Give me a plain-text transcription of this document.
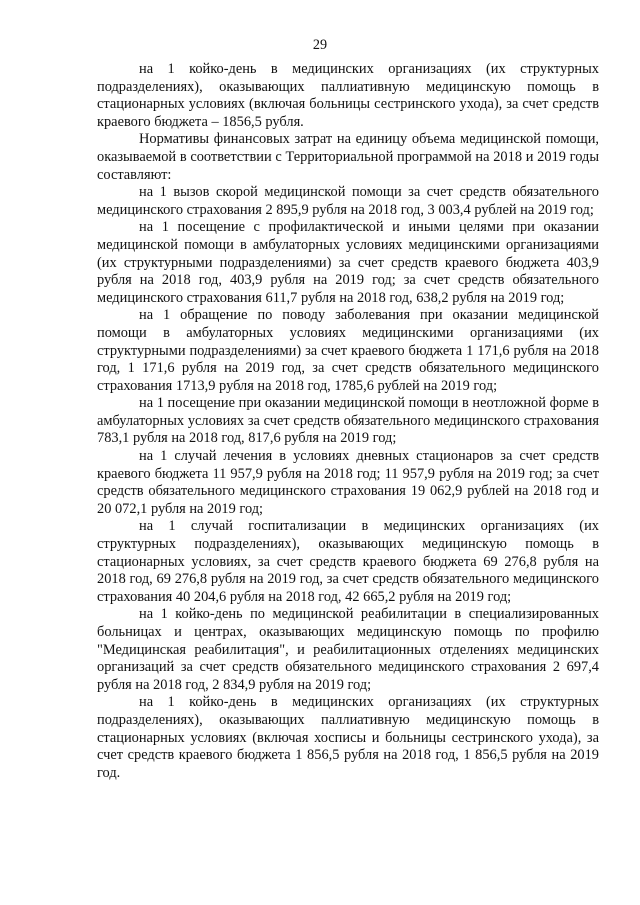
29

на 1 койко-день в медицинских организациях (их структурных подразделениях), оказывающих паллиативную медицинскую помощь в стационарных условиях (включая больницы сестринского ухода), за счет средств краевого бюджета – 1856,5 рубля.

Нормативы финансовых затрат на единицу объема медицинской помощи, оказываемой в соответствии с Территориальной программой на 2018 и 2019 годы составляют:

на 1 вызов скорой медицинской помощи за счет средств обязательного медицинского страхования 2 895,9 рубля на 2018 год, 3 003,4 рублей на 2019 год;

на 1 посещение с профилактической и иными целями при оказании медицинской помощи в амбулаторных условиях медицинскими организациями (их структурными подразделениями) за счет средств краевого бюджета 403,9 рубля на 2018 год, 403,9 рубля на 2019 год; за счет средств обязательного медицинского страхования 611,7 рубля на 2018 год, 638,2 рубля на 2019 год;

на 1 обращение по поводу заболевания при оказании медицинской помощи в амбулаторных условиях медицинскими организациями (их структурными подразделениями) за счет краевого бюджета 1 171,6 рубля на 2018 год, 1 171,6 рубля на 2019 год, за счет средств обязательного медицинского страхования 1713,9 рубля на 2018 год, 1785,6 рублей на 2019 год;

на 1 посещение при оказании медицинской помощи в неотложной форме в амбулаторных условиях за счет средств обязательного медицинского страхования 783,1 рубля на 2018 год, 817,6 рубля на 2019 год;

на 1 случай лечения в условиях дневных стационаров за счет средств краевого бюджета 11 957,9 рубля на 2018 год; 11 957,9 рубля на 2019 год; за счет средств обязательного медицинского страхования 19 062,9 рублей на 2018 год и 20 072,1 рубля на 2019 год;

на 1 случай госпитализации в медицинских организациях (их структурных подразделениях), оказывающих медицинскую помощь в стационарных условиях, за счет средств краевого бюджета 69 276,8 рубля на 2018 год, 69 276,8 рубля на 2019 год, за счет средств обязательного медицинского страхования 40 204,6 рубля на 2018 год, 42 665,2 рубля на 2019 год;

на 1 койко-день по медицинской реабилитации в специализированных больницах и центрах, оказывающих медицинскую помощь по профилю "Медицинская реабилитация", и реабилитационных отделениях медицинских организаций за счет средств обязательного медицинского страхования 2 697,4 рубля на 2018 год, 2 834,9 рубля на 2019 год;

на 1 койко-день в медицинских организациях (их структурных подразделениях), оказывающих паллиативную медицинскую помощь в стационарных условиях (включая хосписы и больницы сестринского ухода), за счет средств краевого бюджета 1 856,5 рубля на 2018 год, 1 856,5 рубля на 2019 год.
